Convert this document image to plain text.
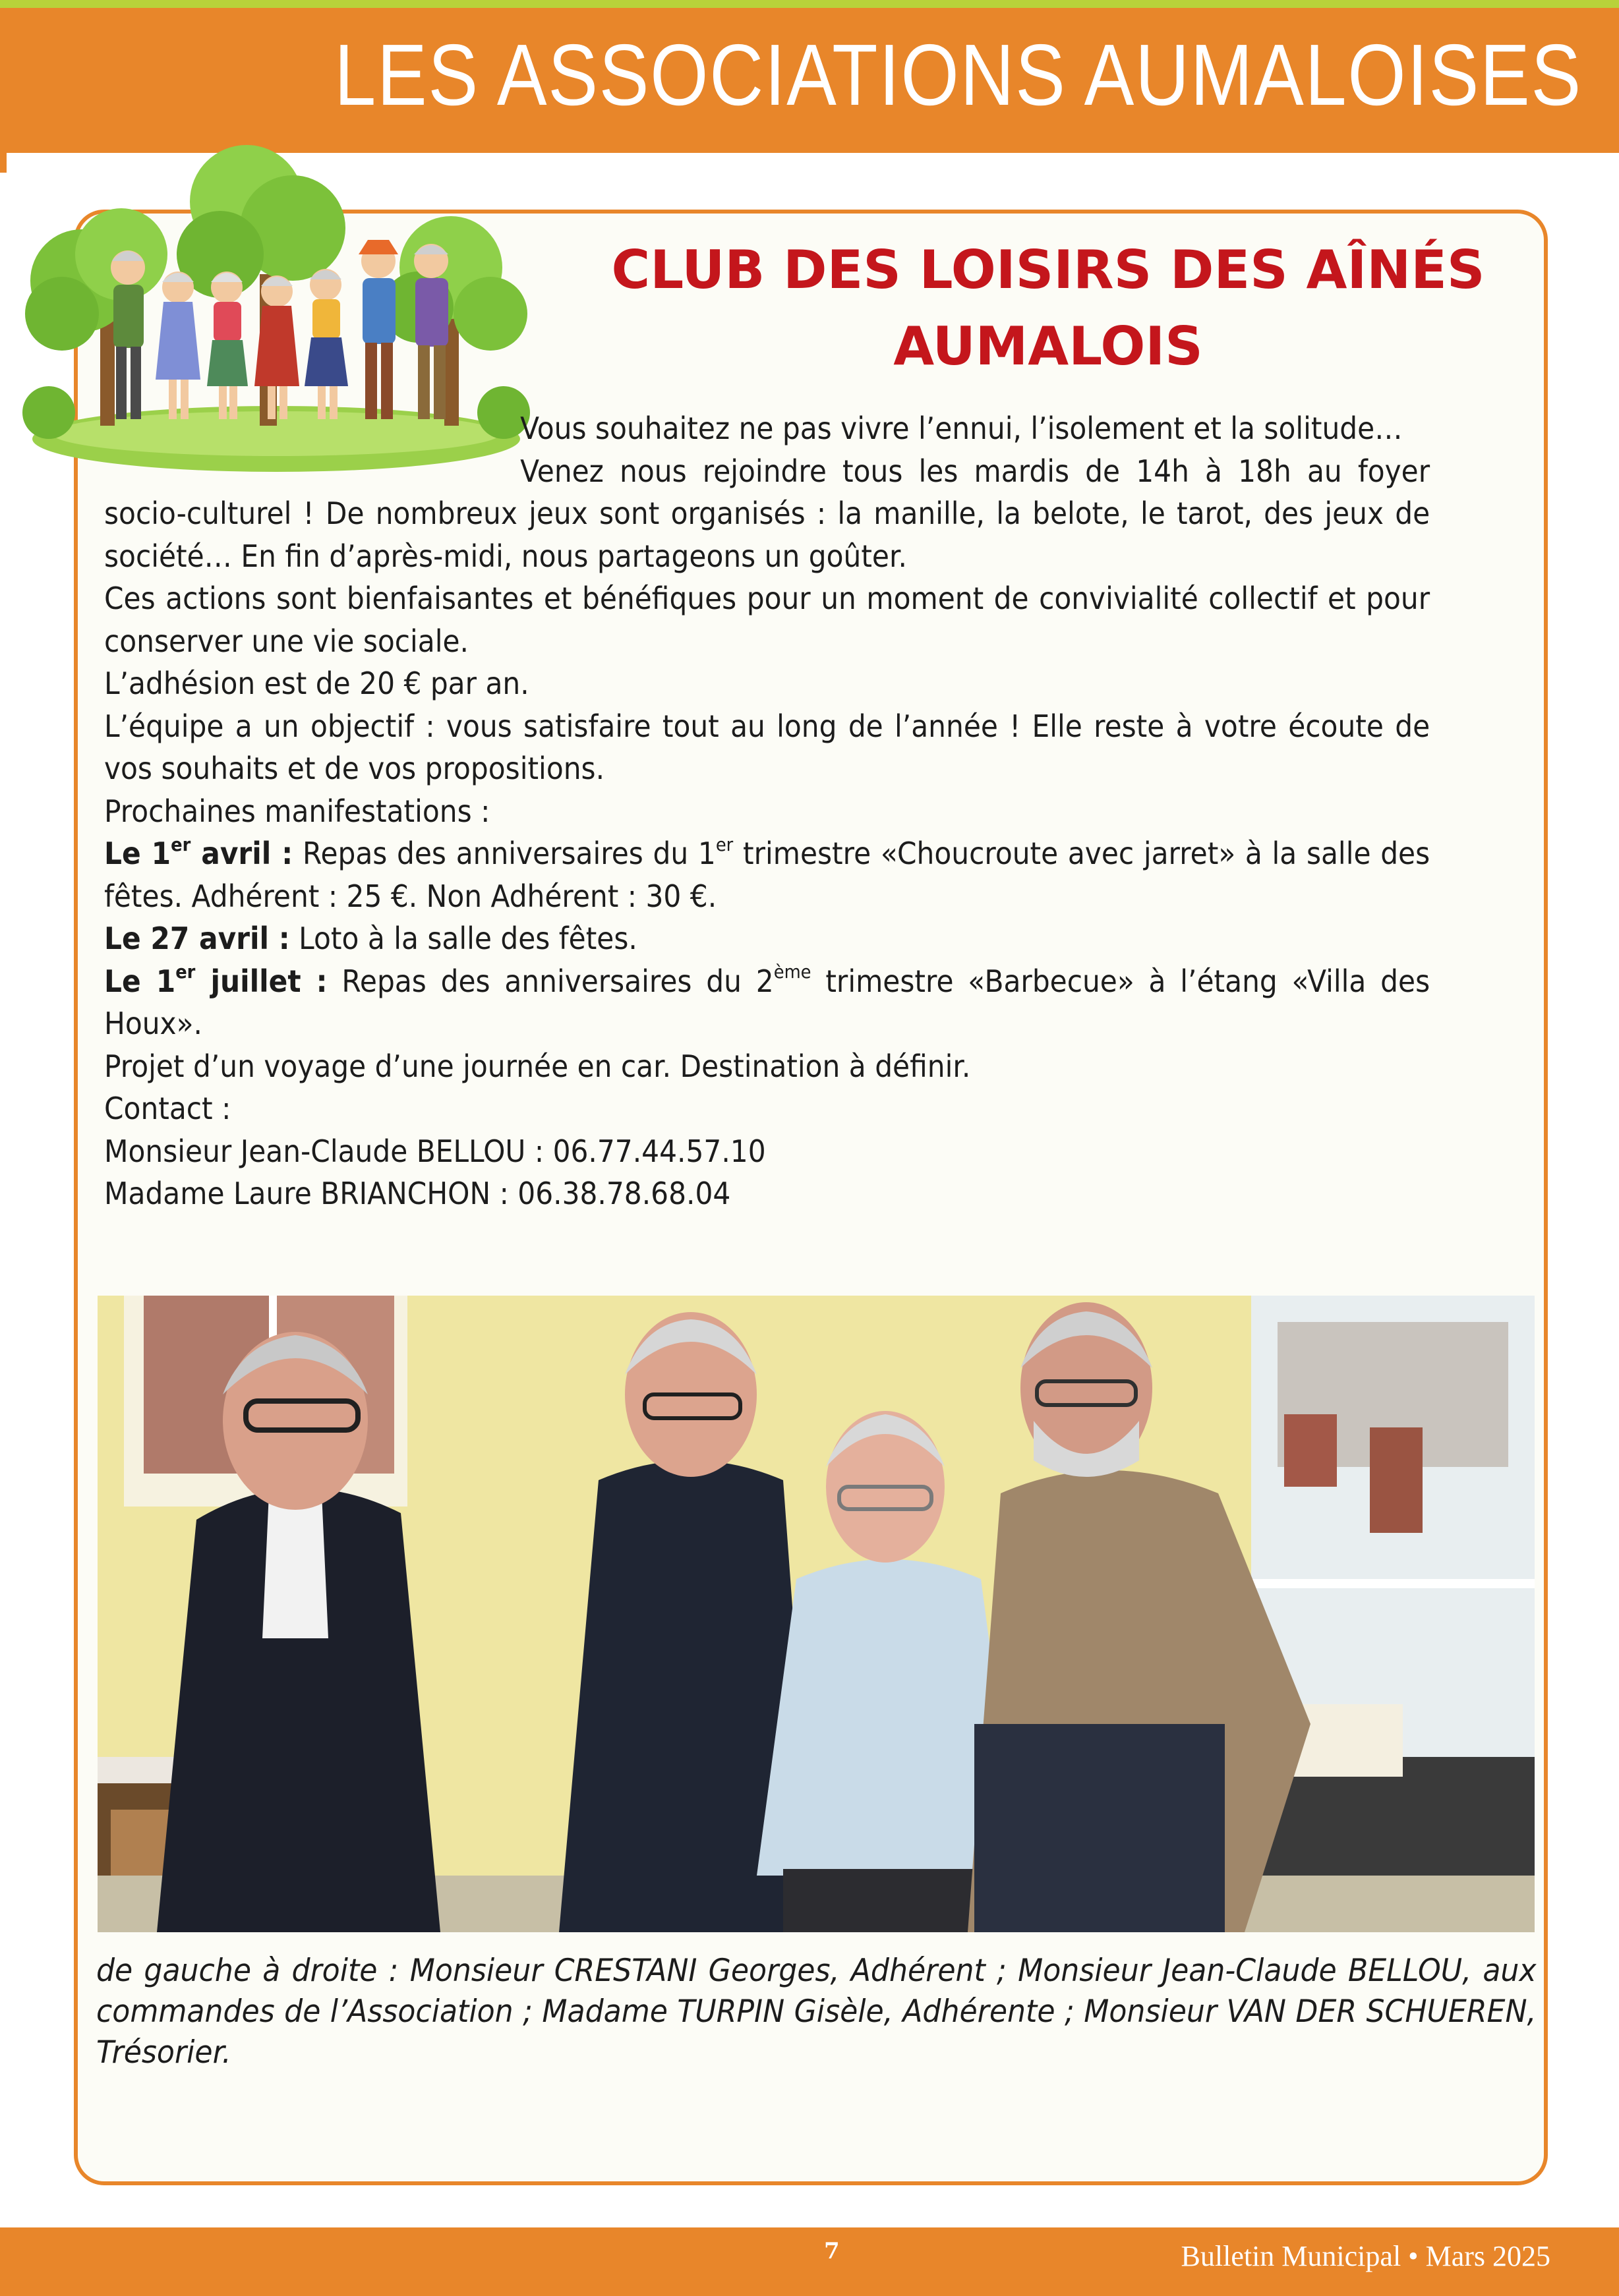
LES ASSOCIATIONS AUMALOISES
CLUB DES LOISIRS DES AÎNÉS
AUMALOIS

Vous souhaitez ne pas vivre l’ennui, l’isolement et la solitude…

Venez nous rejoindre tous les mardis de 14h à 18h au foyer

socio-culturel ! De nombreux jeux sont organisés : la manille, la belote, le tarot, des jeux de société… En fin d’après-midi, nous partageons un goûter.

Ces actions sont bienfaisantes et bénéfiques pour un moment de convivialité collectif et pour conserver une vie sociale.

L’adhésion est de 20 € par an.

L’équipe a un objectif : vous satisfaire tout au long de l’année ! Elle reste à votre écoute de vos souhaits et de vos propositions.

Prochaines manifestations :

Le 1er avril : Repas des anniversaires du 1er trimestre «Choucroute avec jarret» à la salle des fêtes. Adhérent : 25 €. Non Adhérent : 30 €.

Le 27 avril : Loto à la salle des fêtes.

Le 1er juillet : Repas des anniversaires du 2ème trimestre «Barbecue» à l’étang «Villa des Houx».

Projet d’un voyage d’une journée en car. Destination à définir.

Contact :

Monsieur Jean-Claude BELLOU : 06.77.44.57.10

Madame Laure BRIANCHON : 06.38.78.68.04

de gauche à droite : Monsieur CRESTANI Georges, Adhérent ; Monsieur Jean-Claude BELLOU, aux commandes de l’Association ; Madame TURPIN Gisèle, Adhérente ; Monsieur VAN DER SCHUEREN, Trésorier.
7	Bulletin Municipal • Mars 2025
